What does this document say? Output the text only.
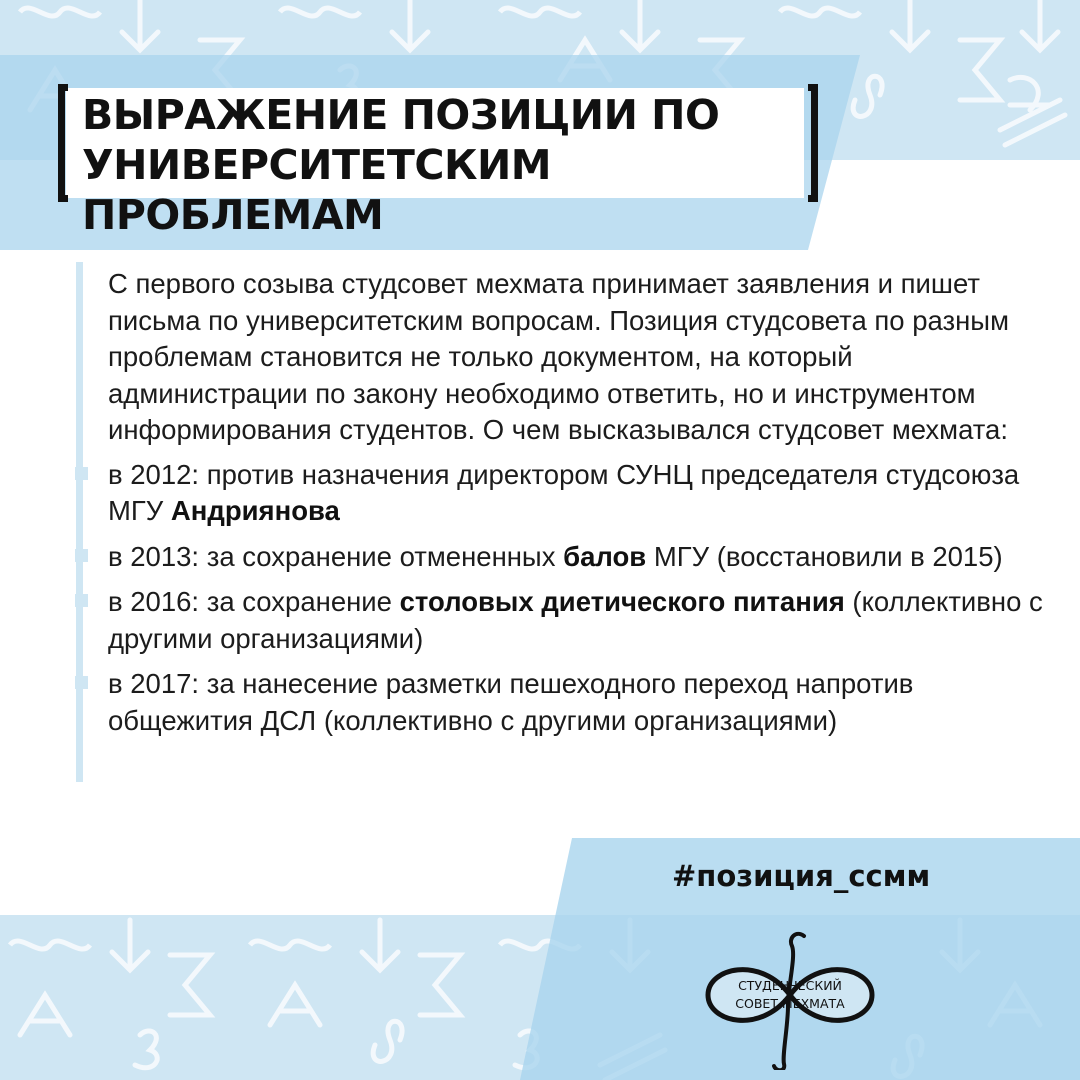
ВЫРАЖЕНИЕ ПОЗИЦИИ ПО
УНИВЕРСИТЕТСКИМ ПРОБЛЕМАМ

С первого созыва студсовет мехмата принимает заявления и пишет письма по университетским вопросам. Позиция студсовета по разным проблемам становится не только документом, на который администрации по закону необходимо ответить, но и инструментом информирования студентов. О чем высказывался студсовет мехмата:

в 2012: против назначения директором СУНЦ председателя студсоюза МГУ Андриянова
в 2013: за сохранение отмененных балов МГУ (восстановили в 2015)
в 2016: за сохранение столовых диетического питания (коллективно с другими организациями)
в 2017: за нанесение разметки пешеходного переход напротив общежития ДСЛ (коллективно с другими организациями)

#позиция_ссмм

СТУДЕНЧЕСКИЙ
СОВЕТ МЕХМАТА
